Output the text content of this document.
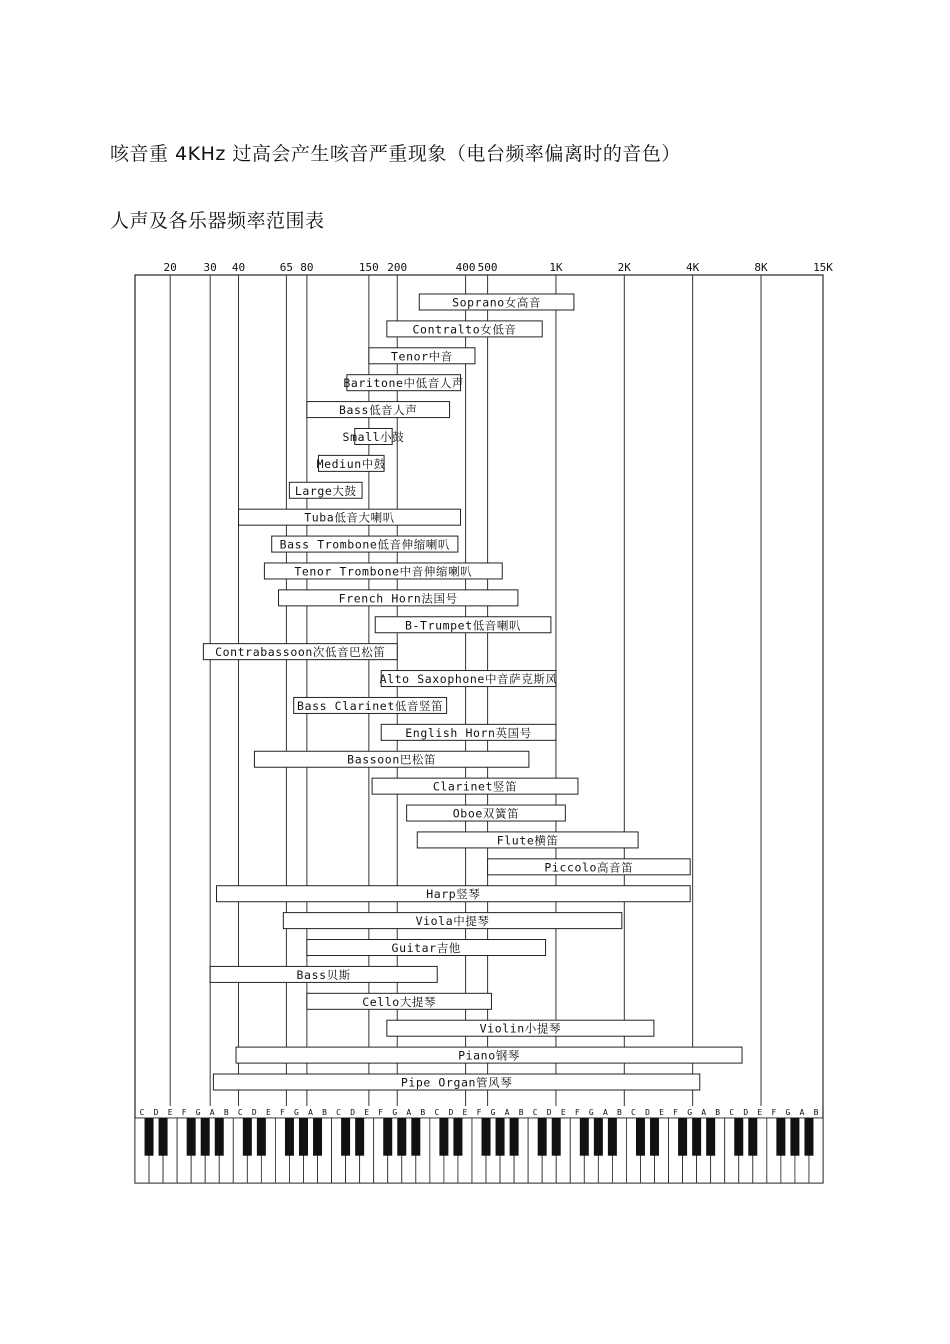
咳音重 4KHz 过高会产生咳音严重现象（电台频率偏离时的音色）
人声及各乐器频率范围表
20 30 40	65 80	150 200	400 500	1K	2K	4K	8K	15K
Soprano女高音
Contralto女低音
Tenor中音
Baritone中低音人声
Bass低音人声
Small小鼓
Mediun中鼓
Large大鼓
Tuba低音大喇叭
Bass Trombone低音伸缩喇叭
Tenor Trombone中音伸缩喇叭
French Horn法国号
B-Trumpet低音喇叭
Contrabassoon次低音巴松笛
Alto Saxophone中音萨克斯风
Bass Clarinet低音竖笛
English Horn英国号
Bassoon巴松笛
Clarinet竖笛
Oboe双簧笛
Flute横笛
Piccolo高音笛
Harp竖琴
Viola中提琴
Guitar吉他
Bass贝斯
Cello大提琴
Violin小提琴
Piano钢琴
Pipe Organ管风琴
C D E F G A B C D E F G A B C D E F G A B C D E F G A B C D E F G A B C D E F G A B C D E F G A B
